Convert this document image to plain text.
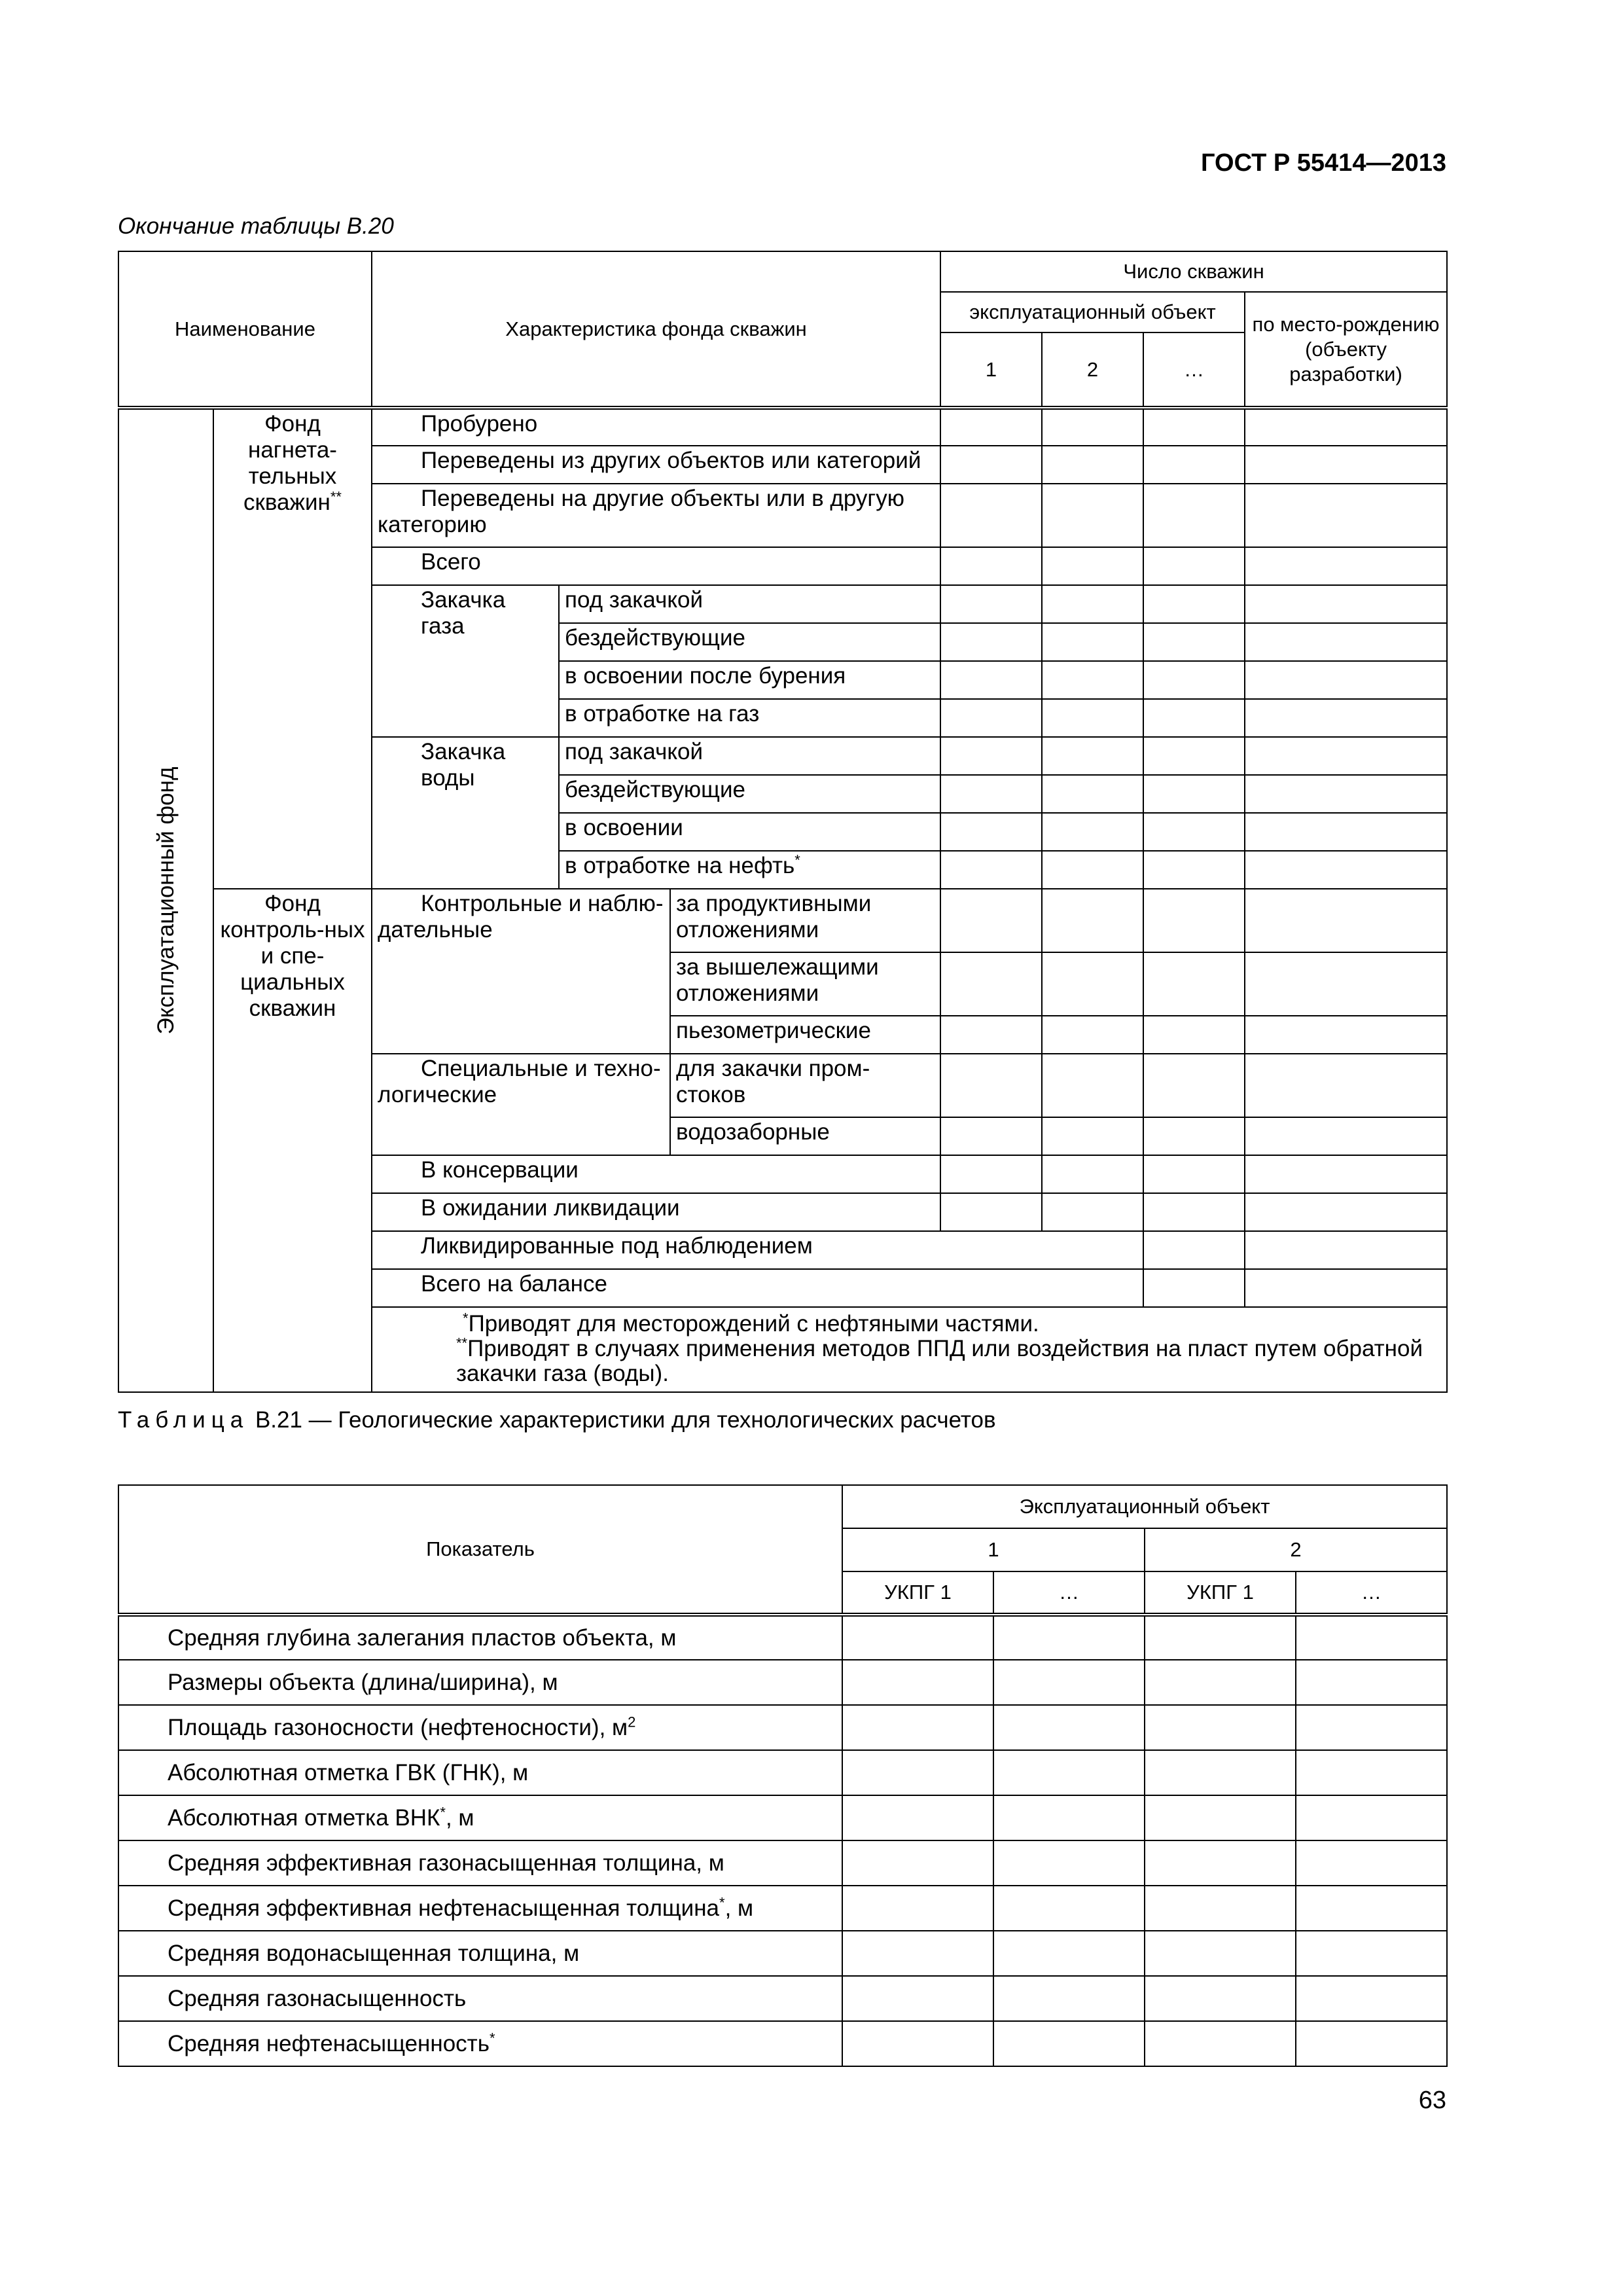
ГОСТ Р 55414—2013
Окончание таблицы В.20
Наименование		Характеристика фонда скважин			Число скважин				
					эксплуатационный объект			по место-рождению (объекту разработки)	
					1	2	…		

Эксплуатационный фонд	Фонд нагнета-тельных скважин**	Пробурено							
		Переведены из других объектов или категорий							
		Переведены на другие объекты или в другую категорию							
		Всего							
		Закачка газа	под закачкой						
			бездействующие						
			в освоении после бурения						
			в отработке на газ						
		Закачка воды	под закачкой						
			бездействующие						
			в освоении						
			в отработке на нефть*				
	Фонд контроль-ных и спе-циальных скважин	Контрольные и наблю-дательные		за продуктивными отложениями					
				за вышележащими отложениями					
				пьезометрические					
		Специальные и техно-логические		для закачки пром-стоков					
				водозаборные					
		В консервации							
		В ожидании ликвидации							
		Ликвидированные под наблюдением							
		Всего на балансе							

		*Приводят для месторождений с нефтяными частями.
**Приводят в случаях применения методов ППД или воздействия на пласт путем обратной закачки газа (воды).							
Таблица В.21 — Геологические характеристики для технологических расчетов
Показатель	Эксплуатационный объект			
	1		2	
	УКПГ 1	…	УКПГ 1	…
Средняя глубина залегания пластов объекта, м				
Размеры объекта (длина/ширина), м				
Площадь газоносности (нефтеносности), $м^2$				
Абсолютная отметка ГВК (ГНК), м				
Абсолютная отметка ВНК*, м				
Средняя эффективная газонасыщенная толщина, м				
Средняя эффективная нефтенасыщенная толщина*, м				
Средняя водонасыщенная толщина, м				
Средняя газонасыщенность				
Средняя нефтенасыщенность*				
63
